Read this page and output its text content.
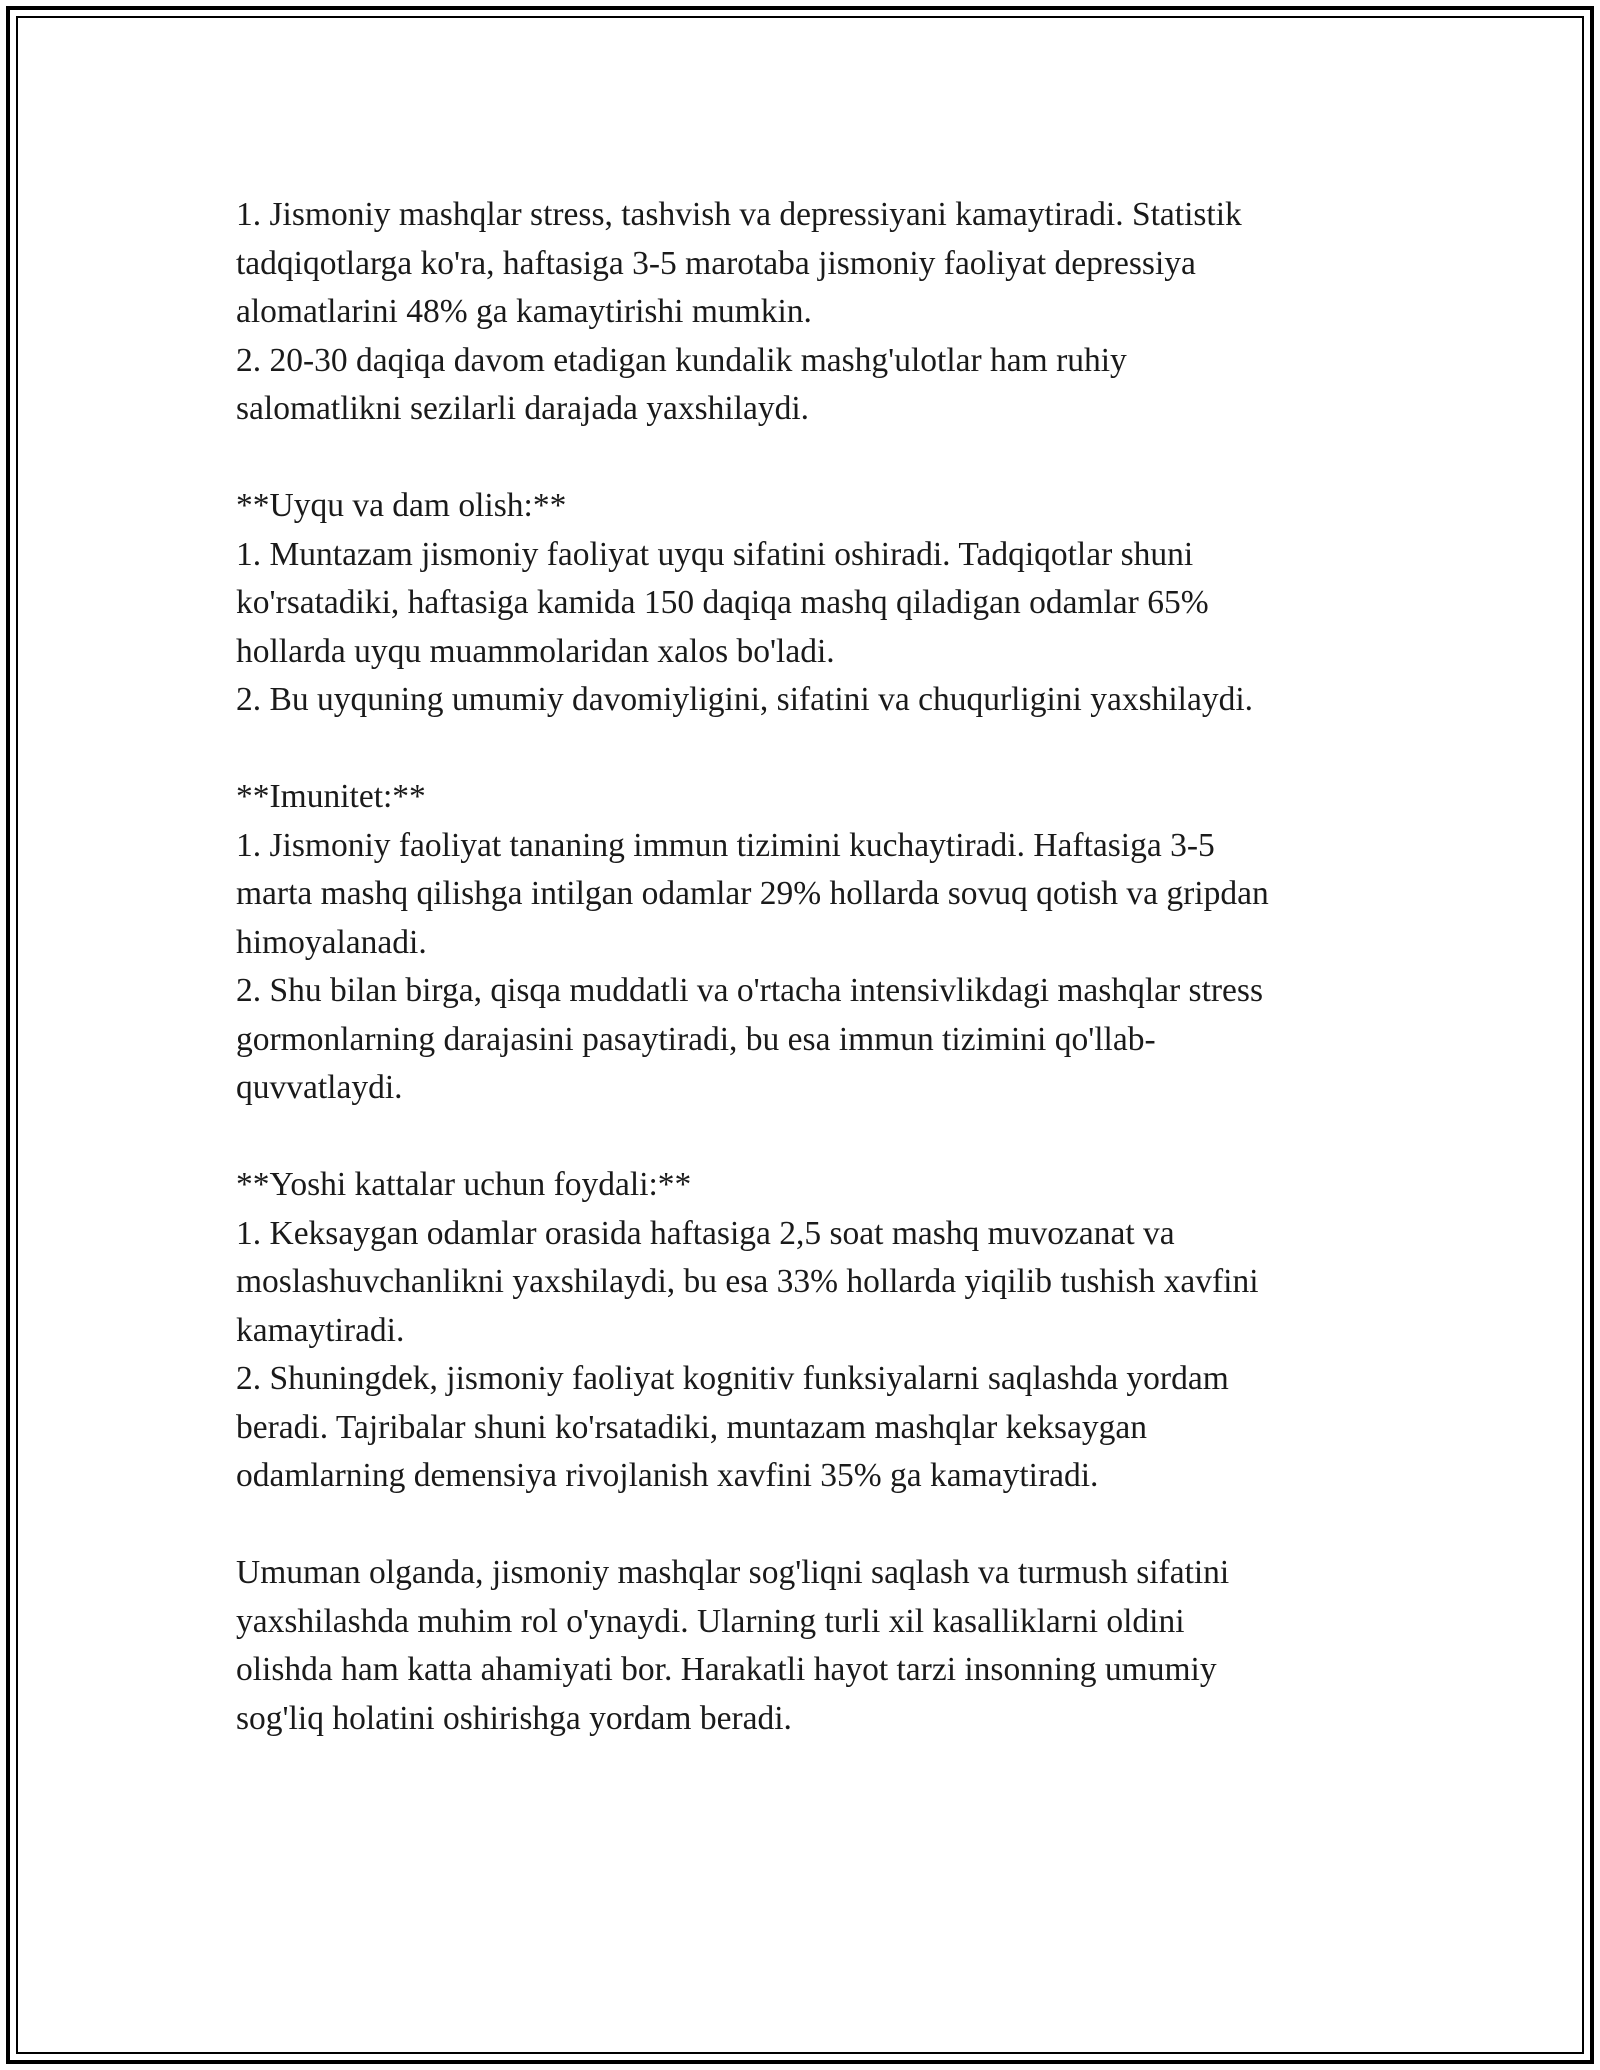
1. Jismoniy mashqlar stress, tashvish va depressiyani kamaytiradi. Statistik
tadqiqotlarga ko'ra, haftasiga 3-5 marotaba jismoniy faoliyat depressiya
alomatlarini 48% ga kamaytirishi mumkin.
2. 20-30 daqiqa davom etadigan kundalik mashg'ulotlar ham ruhiy
salomatlikni sezilarli darajada yaxshilaydi.
**Uyqu va dam olish:**
1. Muntazam jismoniy faoliyat uyqu sifatini oshiradi. Tadqiqotlar shuni
ko'rsatadiki, haftasiga kamida 150 daqiqa mashq qiladigan odamlar 65%
hollarda uyqu muammolaridan xalos bo'ladi.
2. Bu uyquning umumiy davomiyligini, sifatini va chuqurligini yaxshilaydi.
**Imunitet:**
1. Jismoniy faoliyat tananing immun tizimini kuchaytiradi. Haftasiga 3-5
marta mashq qilishga intilgan odamlar 29% hollarda sovuq qotish va gripdan
himoyalanadi.
2. Shu bilan birga, qisqa muddatli va o'rtacha intensivlikdagi mashqlar stress
gormonlarning darajasini pasaytiradi, bu esa immun tizimini qo'llab-
quvvatlaydi.
**Yoshi kattalar uchun foydali:**
1. Keksaygan odamlar orasida haftasiga 2,5 soat mashq muvozanat va
moslashuvchanlikni yaxshilaydi, bu esa 33% hollarda yiqilib tushish xavfini
kamaytiradi.
2. Shuningdek, jismoniy faoliyat kognitiv funksiyalarni saqlashda yordam
beradi. Tajribalar shuni ko'rsatadiki, muntazam mashqlar keksaygan
odamlarning demensiya rivojlanish xavfini 35% ga kamaytiradi.
Umuman olganda, jismoniy mashqlar sog'liqni saqlash va turmush sifatini
yaxshilashda muhim rol o'ynaydi. Ularning turli xil kasalliklarni oldini
olishda ham katta ahamiyati bor. Harakatli hayot tarzi insonning umumiy
sog'liq holatini oshirishga yordam beradi.
